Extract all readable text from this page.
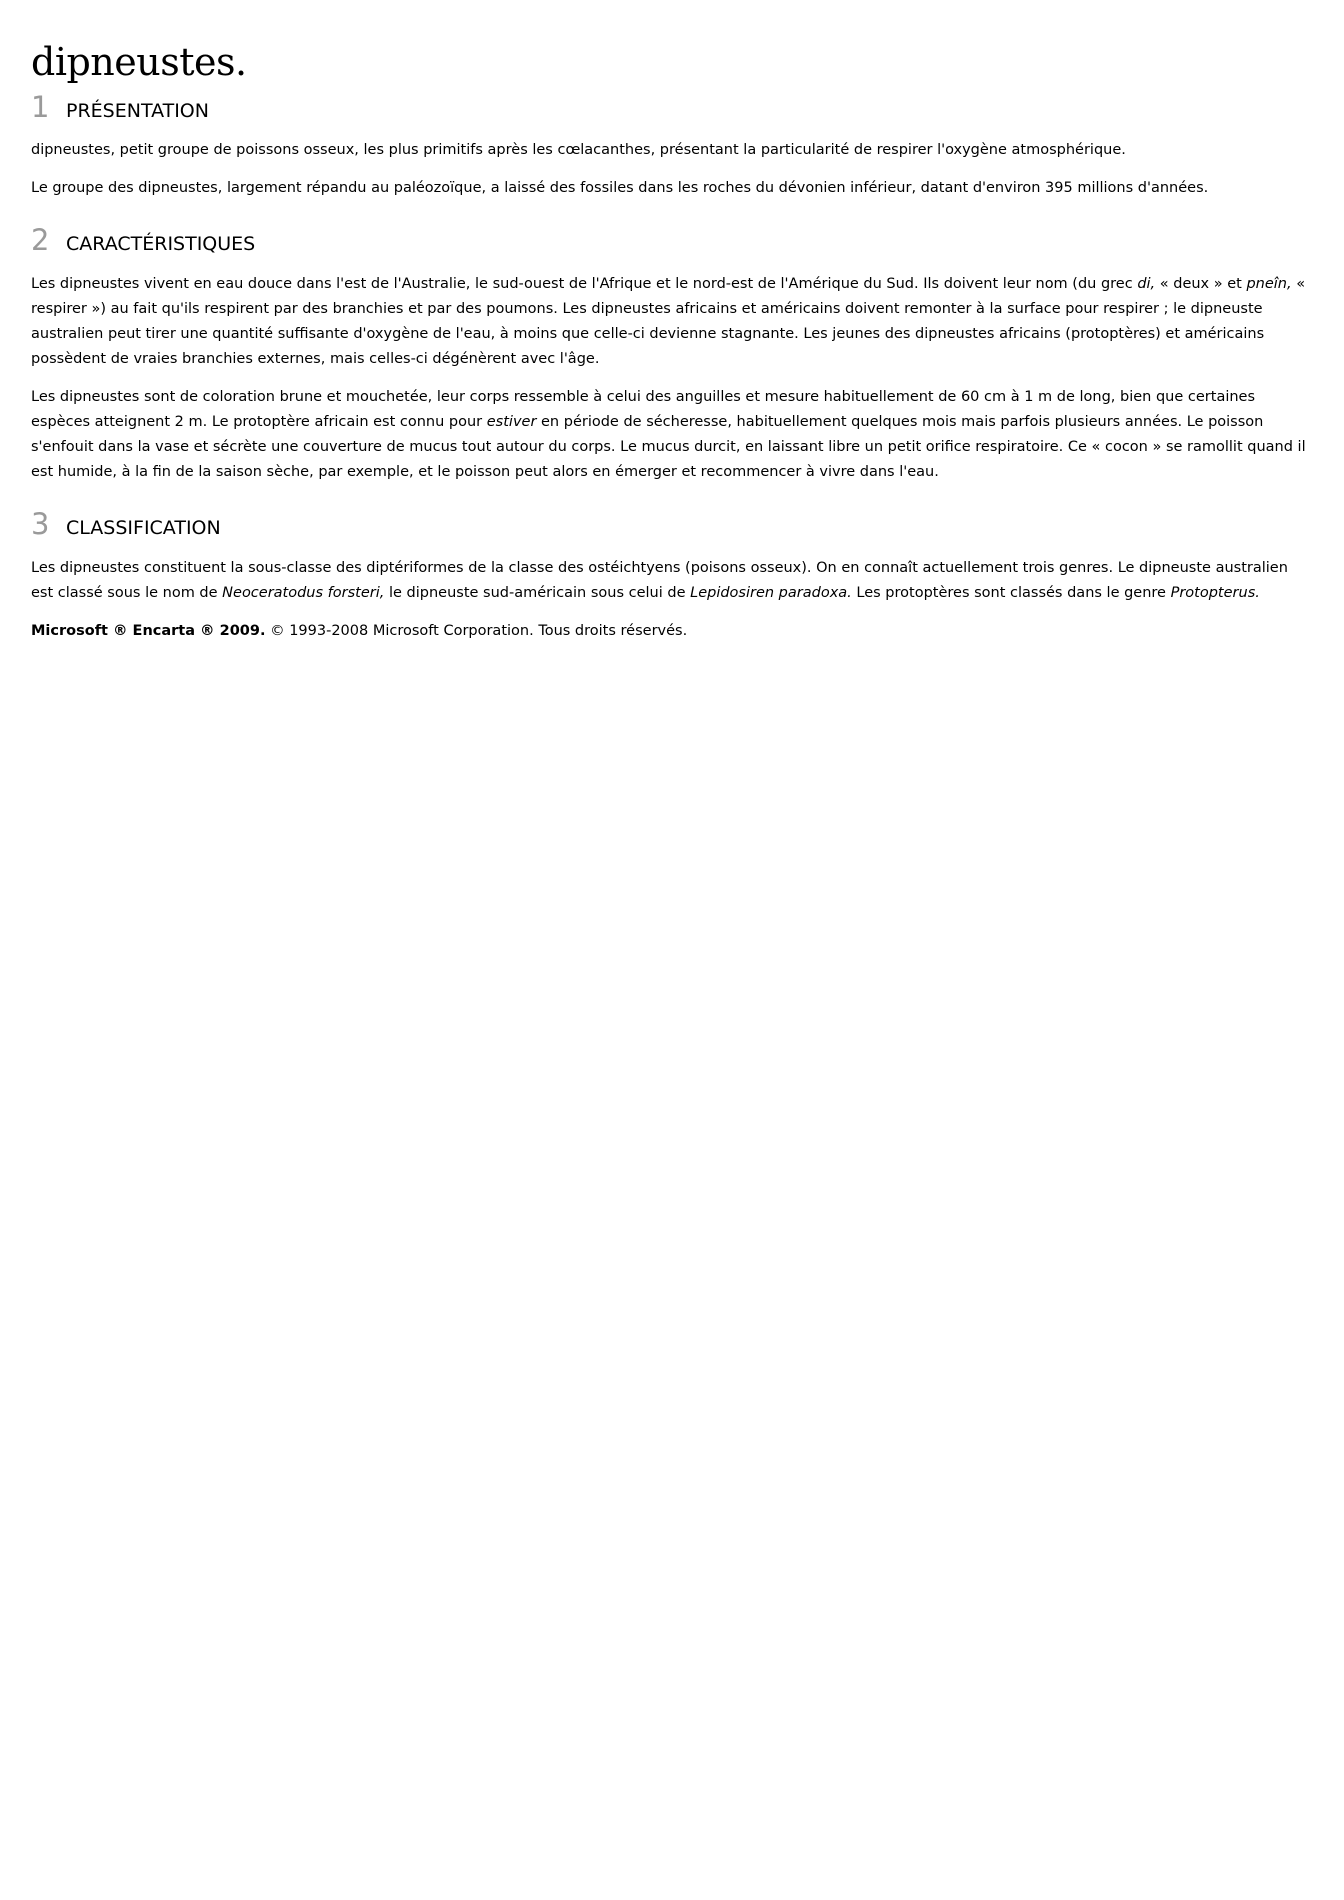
dipneustes.
1 PRÉSENTATION

dipneustes, petit groupe de poissons osseux, les plus primitifs après les cœlacanthes, présentant la particularité de respirer l'oxygène atmosphérique.

Le groupe des dipneustes, largement répandu au paléozoïque, a laissé des fossiles dans les roches du dévonien inférieur, datant d'environ 395 millions d'années.

2 CARACTÉRISTIQUES

Les dipneustes vivent en eau douce dans l'est de l'Australie, le sud-ouest de l'Afrique et le nord-est de l'Amérique du Sud. Ils doivent leur nom (du grec di, « deux » et pneîn, « respirer ») au fait qu'ils respirent par des branchies et par des poumons. Les dipneustes africains et américains doivent remonter à la surface pour respirer ; le dipneuste australien peut tirer une quantité suffisante d'oxygène de l'eau, à moins que celle-ci devienne stagnante. Les jeunes des dipneustes africains (protoptères) et américains possèdent de vraies branchies externes, mais celles-ci dégénèrent avec l'âge.

Les dipneustes sont de coloration brune et mouchetée, leur corps ressemble à celui des anguilles et mesure habituellement de 60 cm à 1 m de long, bien que certaines espèces atteignent 2 m. Le protoptère africain est connu pour estiver en période de sécheresse, habituellement quelques mois mais parfois plusieurs années. Le poisson s'enfouit dans la vase et sécrète une couverture de mucus tout autour du corps. Le mucus durcit, en laissant libre un petit orifice respiratoire. Ce « cocon » se ramollit quand il est humide, à la fin de la saison sèche, par exemple, et le poisson peut alors en émerger et recommencer à vivre dans l'eau.

3 CLASSIFICATION

Les dipneustes constituent la sous-classe des diptériformes de la classe des ostéichtyens (poisons osseux). On en connaît actuellement trois genres. Le dipneuste australien est classé sous le nom de Neoceratodus forsteri, le dipneuste sud-américain sous celui de Lepidosiren paradoxa. Les protoptères sont classés dans le genre Protopterus.

Microsoft ® Encarta ® 2009. © 1993-2008 Microsoft Corporation. Tous droits réservés.
